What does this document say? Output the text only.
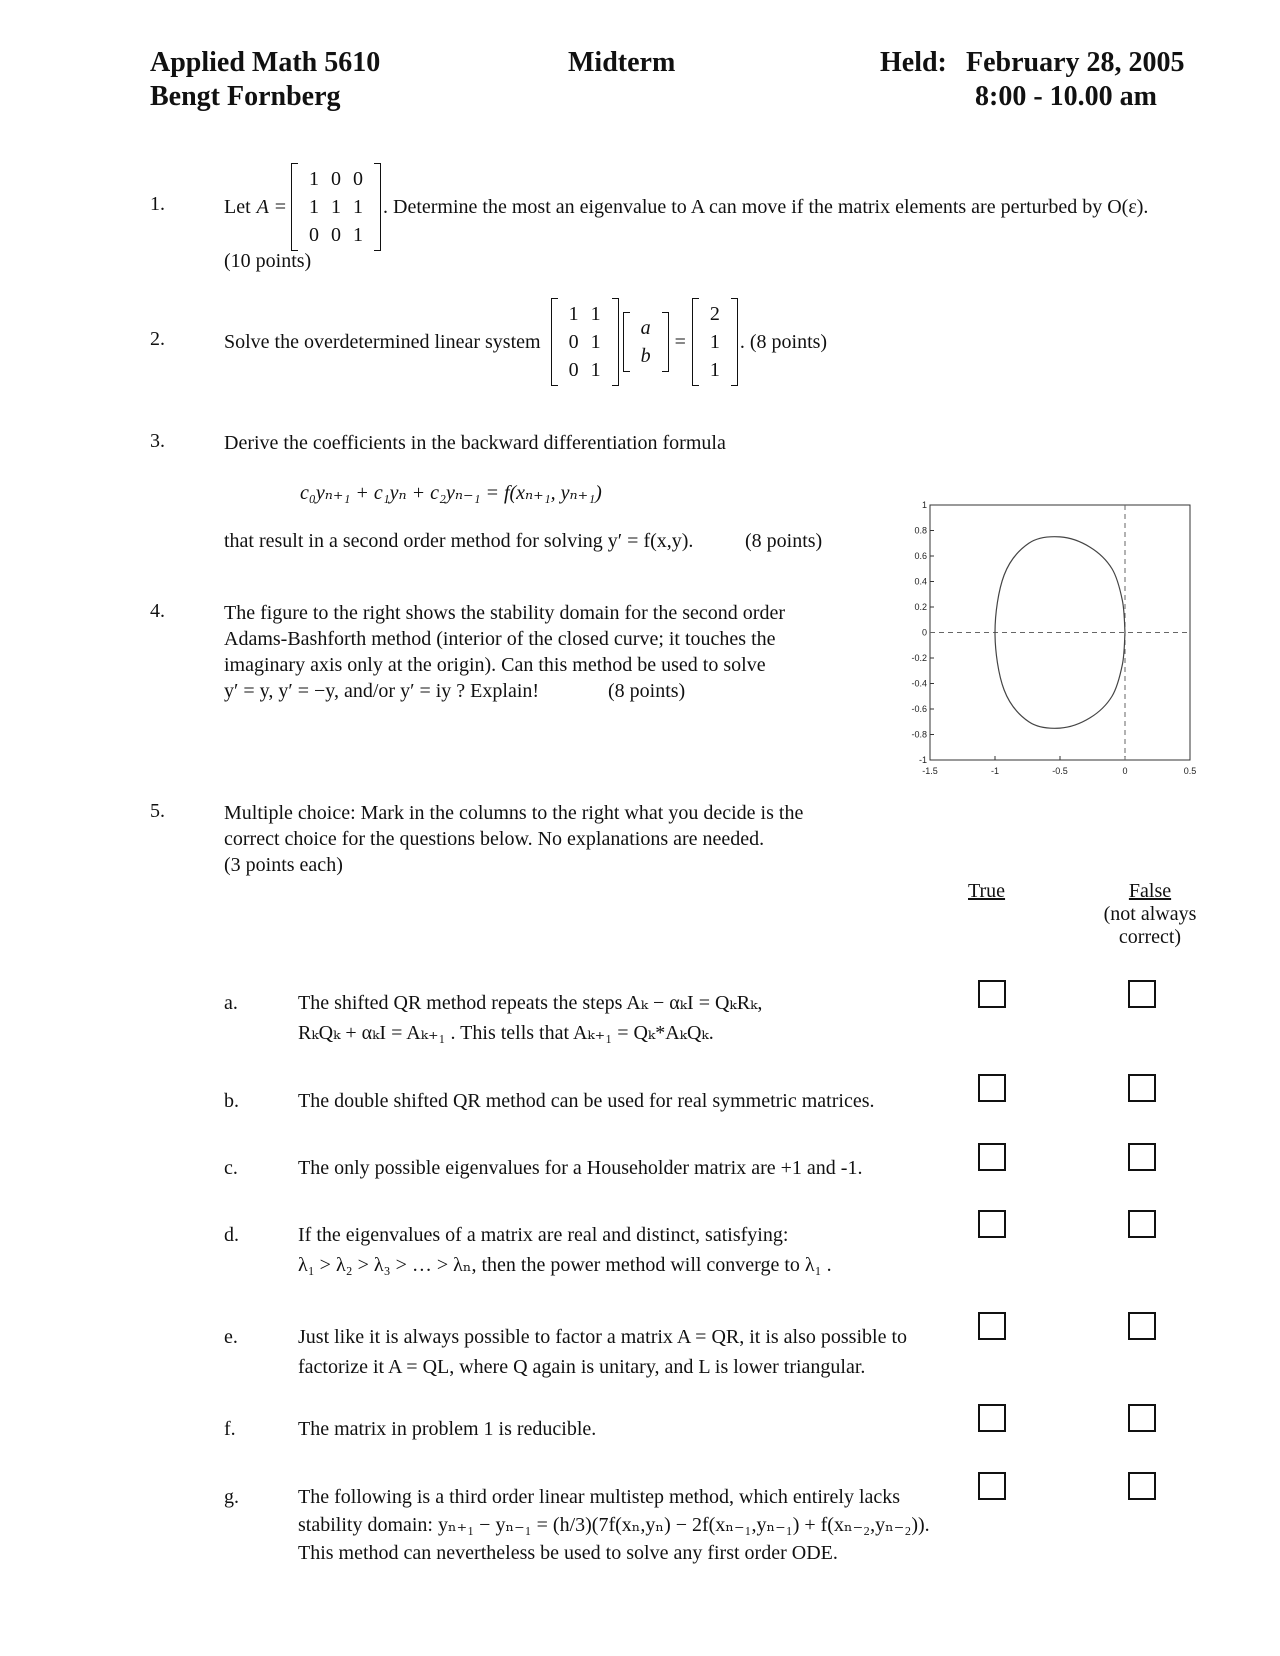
Applied Math 5610
Bengt Fornberg
Midterm	Held: February 28, 2005
8:00 - 10.00 am
1.	Let A =
1	0	0
1	1	1
0	0	1
. Determine the most an eigenvalue to A can move if the matrix elements are perturbed by O(ε).
(10 points)
2.	Solve the overdetermined linear system
1	1
0	1
0	1
a
b
=
2
1
1
. (8 points)
3.	Derive the coefficients in the backward differentiation formula
c₀yₙ₊₁ + c₁yₙ + c₂yₙ₋₁ = f(xₙ₊₁, yₙ₊₁)
that result in a second order method for solving y′ = f(x,y).	(8 points)
4.	The figure to the right shows the stability domain for the second order
Adams-Bashforth method (interior of the closed curve; it touches the
imaginary axis only at the origin). Can this method be used to solve
y′ = y, y′ = −y, and/or y′ = iy ? Explain!	(8 points)
-1.5	-1	-0.5	0	0.5
1
0.8
0.6
0.4
0.2
0
-0.2
-0.4
-0.6
-0.8
-1
5.	Multiple choice: Mark in the columns to the right what you decide is the
correct choice for the questions below. No explanations are needed.
(3 points each)
True	False
(not always
correct)
a.	The shifted QR method repeats the steps Aₖ − αₖI = QₖRₖ,
RₖQₖ + αₖI = Aₖ₊₁ . This tells that Aₖ₊₁ = Qₖ*AₖQₖ.
b.	The double shifted QR method can be used for real symmetric matrices.
c.	The only possible eigenvalues for a Householder matrix are +1 and -1.
d.	If the eigenvalues of a matrix are real and distinct, satisfying:
λ₁ > λ₂ > λ₃ > … > λₙ, then the power method will converge to λ₁ .
e.	Just like it is always possible to factor a matrix A = QR, it is also possible to
factorize it A = QL, where Q again is unitary, and L is lower triangular.
f.	The matrix in problem 1 is reducible.
g.	The following is a third order linear multistep method, which entirely lacks
stability domain: yₙ₊₁ − yₙ₋₁ = (h/3)(7f(xₙ,yₙ) − 2f(xₙ₋₁,yₙ₋₁) + f(xₙ₋₂,yₙ₋₂)).
This method can nevertheless be used to solve any first order ODE.
